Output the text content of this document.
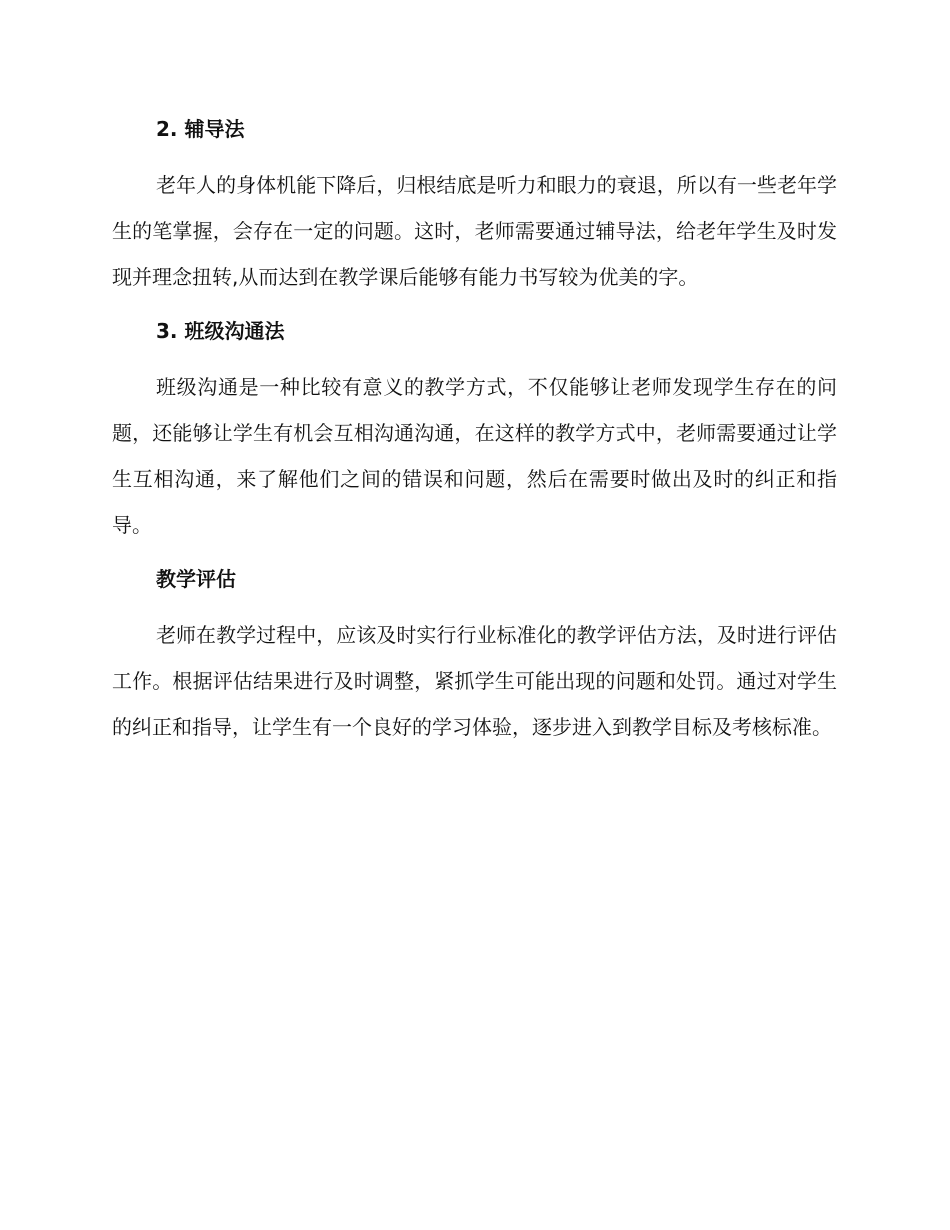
2. 辅导法

老年人的身体机能下降后，归根结底是听力和眼力的衰退，所以有一些老年学生的笔掌握，会存在一定的问题。这时，老师需要通过辅导法，给老年学生及时发现并理念扭转,从而达到在教学课后能够有能力书写较为优美的字。

3. 班级沟通法

班级沟通是一种比较有意义的教学方式，不仅能够让老师发现学生存在的问题，还能够让学生有机会互相沟通沟通，在这样的教学方式中，老师需要通过让学生互相沟通，来了解他们之间的错误和问题，然后在需要时做出及时的纠正和指导。

教学评估

老师在教学过程中，应该及时实行行业标准化的教学评估方法，及时进行评估工作。根据评估结果进行及时调整，紧抓学生可能出现的问题和处罚。通过对学生的纠正和指导，让学生有一个良好的学习体验，逐步进入到教学目标及考核标准。
